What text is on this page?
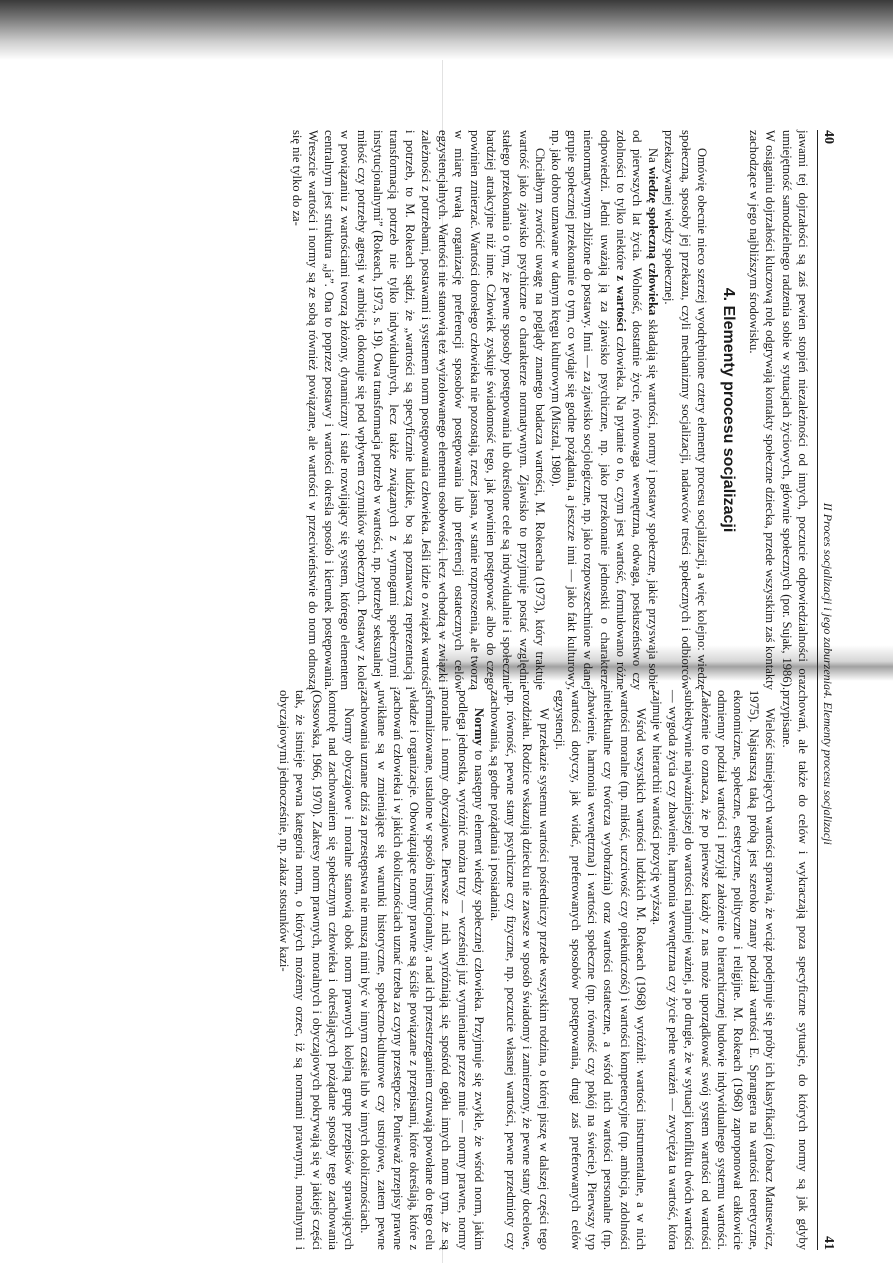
40
II Proces socjalizacji i jego zaburzenia

jawami tej dojrzałości są zaś pewien stopień niezależności od innych, poczucie odpowiedzialności oraz umiejętność samodzielnego radzenia sobie w sytuacjach życiowych, głównie społecznych (por. Sujak, 1986). W osiąganiu dojrzałości kluczową rolę odgrywają kontakty społeczne dziecka, przede wszystkim zaś kontakty zachodzące w jego najbliższym środowisku.

4. Elementy procesu socjalizacji

Omówię obecnie nieco szerzej wyodrębnione cztery elementy procesu socjalizacji, a więc kolejno: wiedzę społeczną, sposoby jej przekazu, czyli mechanizmy socjalizacji, nadawców treści społecznych i odbiorców przekazywanej wiedzy społecznej.

Na wiedzę społeczną człowieka składają się wartości, normy i postawy społeczne, jakie przyswaja sobie od pierwszych lat życia. Wolność, dostatnie życie, równowaga wewnętrzna, odwaga, posłuszeństwo czy zdolności to tylko niektóre z wartości człowieka. Na pytanie o to, czym jest wartość, formułowano różne odpowiedzi. Jedni uważają ją za zjawisko psychiczne, np. jako przekonanie jednostki o charakterze nienormatywnym zbliżone do postawy. Inni — za zjawisko socjologiczne, np. jako rozpowszechnione w danej grupie społecznej przekonanie o tym, co wydaje się godne pożądania, a jeszcze inni — jako fakt kulturowy, np. jako dobro uznawane w danym kręgu kulturowym (Misztal, 1980).

Chciałbym zwrócić uwagę na poglądy znanego badacza wartości, M. Rokeacha (1973), który traktuje wartość jako zjawisko psychiczne o charakterze normatywnym. Zjawisko to przyjmuje postać względnie stałego przekonania o tym, że pewne sposoby postępowania lub określone cele są indywidualnie i społecznie bardziej atrakcyjne niż inne. Człowiek zyskuje świadomość tego, jak powinien postępować albo do czego powinien zmierzać. Wartości dorosłego człowieka nie pozostają, rzecz jasna, w stanie rozproszenia, ale tworzą w miarę trwałą organizację preferencji sposobów postępowania lub preferencji ostatecznych celów egzystencjalnych. Wartości nie stanowią też wyizolowanego elementu osobowości, lecz wchodzą w związki i zależności z potrzebami, postawami i systemem norm postępowania człowieka. Jeśli idzie o związek wartości i potrzeb, to M. Rokeach sądzi, że „wartości są specyficznie ludzkie, bo są poznawczą reprezentacją i transformacją potrzeb nie tylko indywidualnych, lecz także związanych z wymogami społecznymi i instytucjonalnymi” (Rokeach, 1973, s. 19). Owa transformacja potrzeb w wartości, np. potrzeby seksualnej w miłość czy potrzeby agresji w ambicję, dokonuje się pod wpływem czynników społecznych. Postawy z kolei w powiązaniu z wartościami tworzą złożony, dynamiczny i stale rozwijający się system, którego elementem centralnym jest struktura „ja”. Ona to poprzez postawy i wartości określa sposób i kierunek postępowania. Wreszcie wartości i normy są ze sobą również powiązane, ale wartości w przeciwieństwie do norm odnoszą się nie tylko do za-

4. Elementy procesu socjalizacji
41

chowań, ale także do celów i wykraczają poza specyficzne sytuacje, do których normy są jak gdyby przypisane.

Wielość istniejących wartości sprawia, że wciąż podejmuje się próby ich klasyfikacji (zobacz Matusewicz, 1975). Najstarszą taką próbą jest szeroko znany podział wartości E. Sprangera na wartości teoretyczne, ekonomiczne, społeczne, estetyczne, polityczne i religijne. M. Rokeach (1968) zaproponował całkowicie odmienny podział wartości i przyjął założenie o hierarchicznej budowie indywidualnego systemu wartości. Założenie to oznacza, że po pierwsze każdy z nas może uporządkować swój system wartości od wartości subiektywnie najważniejszej do wartości najmniej ważnej, a po drugie, że w sytuacji konfliktu dwóch wartości — wygoda życia czy zbawienie, harmonia wewnętrzna czy życie pełne wrażeń — zwycięża ta wartość, która zajmuje w hierarchii wartości pozycję wyższą.

Wśród wszystkich wartości ludzkich M. Rokeach (1968) wyróżnił: wartości instrumentalne, a w nich wartości moralne (np. miłość, uczciwość czy opiekuńczość) i wartości kompetencyjne (np. ambicja, zdolności intelektualne czy twórcza wyobraźnia) oraz wartości ostateczne, a wśród nich wartości personalne (np. zbawienie, harmonia wewnętrzna) i wartości społeczne (np. równość czy pokój na świecie). Pierwszy typ wartości dotyczy, jak widać, preferowanych sposobów postępowania, drugi zaś preferowanych celów egzystencji.

W przekazie systemu wartości pośredniczy przede wszystkim rodzina, o której piszę w dalszej części tego rozdziału. Rodzice wskazują dziecku nie zawsze w sposób świadomy i zamierzony, że pewne stany docelowe, np. równość, pewne stany psychiczne czy fizyczne, np. poczucie własnej wartości, pewne przedmioty czy zachowania, są godne pożądania i posiadania.

Normy to następny element wiedzy społecznej człowieka. Przyjmuje się zwykle, że wśród norm, jakim podlega jednostka, wyróżnić można trzy — wcześniej już wymieniane przeze mnie — normy prawne, normy moralne i normy obyczajowe. Pierwsze z nich wyróżniają się spośród ogółu innych norm tym, że są sformalizowane, ustalone w sposób instytucjonalny, a nad ich przestrzeganiem czuwają powołane do tego celu władze i organizacje. Obowiązujące normy prawne są ściśle powiązane z przepisami, które określają, które z zachowań człowieka i w jakich okolicznościach uznać trzeba za czyny przestępcze. Ponieważ przepisy prawne uwikłane są w zmieniające się warunki historyczne, społeczno-kulturowe czy ustrojowe, zatem pewne zachowania uznane dziś za przestępstwa nie muszą nimi być w innym czasie lub w innych okolicznościach.

Normy obyczajowe i moralne stanowią obok norm prawnych kolejną grupę przepisów sprawujących kontrolę nad zachowaniem się społecznym człowieka i określających pożądane sposoby tego zachowania (Ossowska, 1966, 1970). Zakresy norm prawnych, moralnych i obyczajowych pokrywają się w jakiejś części tak, że istnieje pewna kategoria norm, o których możemy orzec, iż są normami prawnymi, moralnymi i obyczajowymi jednocześnie, np. zakaz stosunków kazi-
